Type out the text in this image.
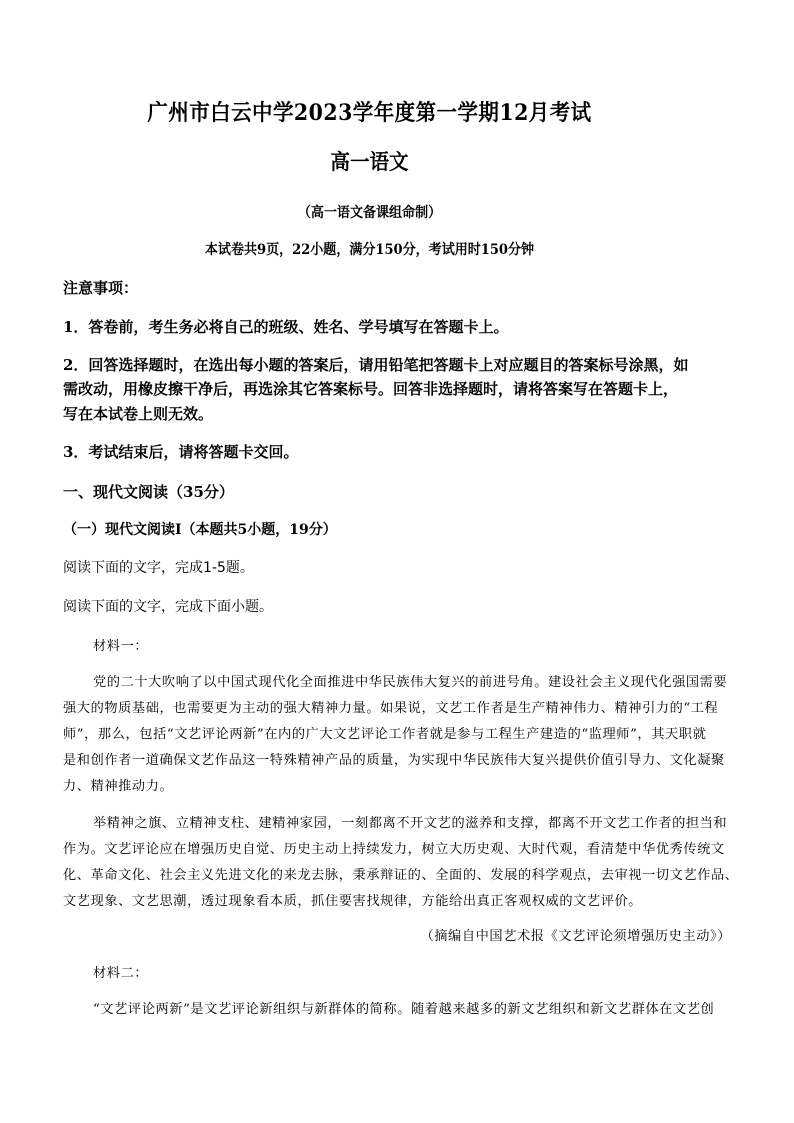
广州市白云中学2023学年度第一学期12月考试
高一语文
（高一语文备课组命制）
本试卷共9页，22小题，满分150分，考试用时150分钟
注意事项：
1．答卷前，考生务必将自己的班级、姓名、学号填写在答题卡上。
2．回答选择题时，在选出每小题的答案后，请用铅笔把答题卡上对应题目的答案标号涂黑，如
需改动，用橡皮擦干净后，再选涂其它答案标号。回答非选择题时，请将答案写在答题卡上，
写在本试卷上则无效。
3．考试结束后，请将答题卡交回。
一、现代文阅读（35分）
（一）现代文阅读I（本题共5小题，19分）
阅读下面的文字，完成1-5题。
阅读下面的文字，完成下面小题。
材料一：
党的二十大吹响了以中国式现代化全面推进中华民族伟大复兴的前进号角。建设社会主义现代化强国需要
强大的物质基础，也需要更为主动的强大精神力量。如果说，文艺工作者是生产精神伟力、精神引力的“工程
师”，那么，包括“文艺评论两新”在内的广大文艺评论工作者就是参与工程生产建造的“监理师”，其天职就
是和创作者一道确保文艺作品这一特殊精神产品的质量，为实现中华民族伟大复兴提供价值引导力、文化凝聚
力、精神推动力。
举精神之旗、立精神支柱、建精神家园，一刻都离不开文艺的滋养和支撑，都离不开文艺工作者的担当和
作为。文艺评论应在增强历史自觉、历史主动上持续发力，树立大历史观、大时代观，看清楚中华优秀传统文
化、革命文化、社会主义先进文化的来龙去脉，秉承辩证的、全面的、发展的科学观点，去审视一切文艺作品、
文艺现象、文艺思潮，透过现象看本质，抓住要害找规律，方能给出真正客观权威的文艺评价。
（摘编自中国艺术报《文艺评论须增强历史主动》）
材料二：
“文艺评论两新”是文艺评论新组织与新群体的简称。随着越来越多的新文艺组织和新文艺群体在文艺创
